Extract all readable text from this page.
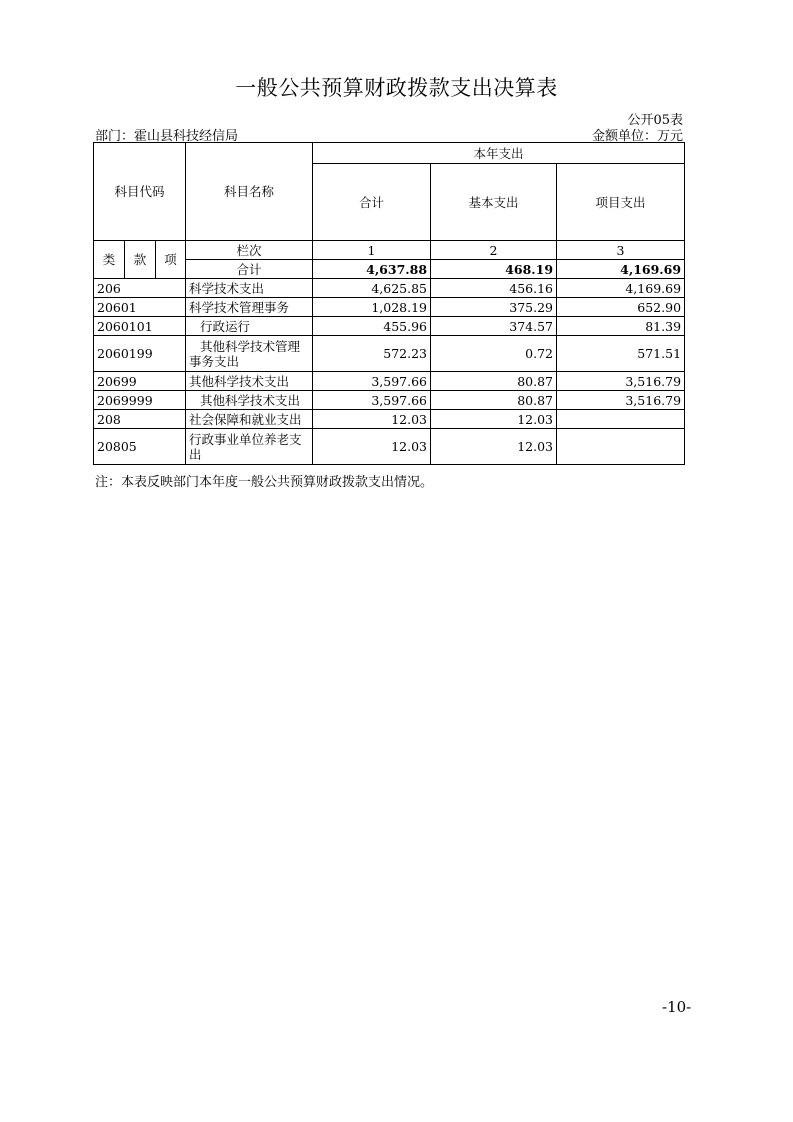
一般公共预算财政拨款支出决算表
公开05表
部门：霍山县科技经信局	金额单位：万元
科目代码			科目名称	本年支出		
				合计	基本支出	项目支出
类	款	项	栏次	1	2	3
			合计	4,637.88	468.19	4,169.69
206			科学技术支出	4,625.85	456.16	4,169.69
20601			科学技术管理事务	1,028.19	375.29	652.90
2060101			行政运行	455.96	374.57	81.39
2060199			其他科学技术管理事务支出	572.23	0.72	571.51
20699			其他科学技术支出	3,597.66	80.87	3,516.79
2069999			其他科学技术支出	3,597.66	80.87	3,516.79
208			社会保障和就业支出	12.03	12.03	
20805			行政事业单位养老支出	12.03	12.03	
注：本表反映部门本年度一般公共预算财政拨款支出情况。
-10-
